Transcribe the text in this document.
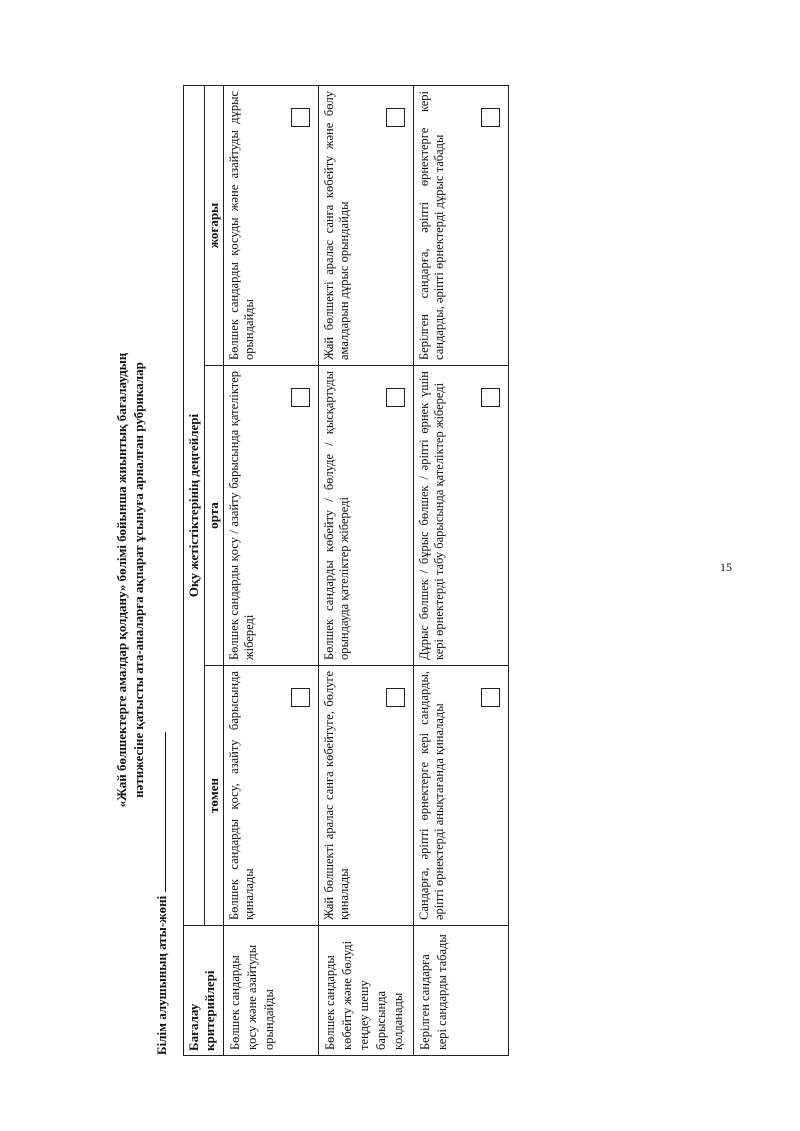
«Жай бөлшектерге амалдар қолдану» бөлімі бойынша жиынтық бағалаудың нәтижесіне қатысты ата-аналарға ақпарат ұсынуға арналған рубрикалар
Білім алушының аты-жөні Бағалау критерийлері	Оқу жетістіктерінің деңгейлері		
	төмен	орта	жоғары
Бөлшек сандарды қосу және азайтуды орындайды	Бөлшек сандарды қосу, азайту барысында қиналады	Бөлшек сандарды қосу / азайту барысында қателіктер жібереді	Бөлшек сандарды қосуды және азайтуды дұрыс орындайды

Бөлшек сандарды көбейту және бөлуді теңдеу шешу барысында қолданады	Жай бөлшекті аралас санға көбейтуге, бөлуге қиналады	Бөлшек сандарды көбейту / бөлуде / қысқартуды орындауда қателіктер жібереді	Жай бөлшекті аралас санға көбейту және бөлу амалдарын дұрыс орындайды

Берілген сандарға кері сандарды табады	Сандарға, әріпті өрнектерге кері сандарды, әріпті өрнектерді анықтағанда қиналады	Дұрыс бөлшек / бұрыс бөлшек / әріпті өрнек үшін кері өрнектерді табу барысында қателіктер жібереді	Берілген сандарға, әріпті өрнектерге кері сандарды, әріпті өрнектерді дұрыс табады
15
